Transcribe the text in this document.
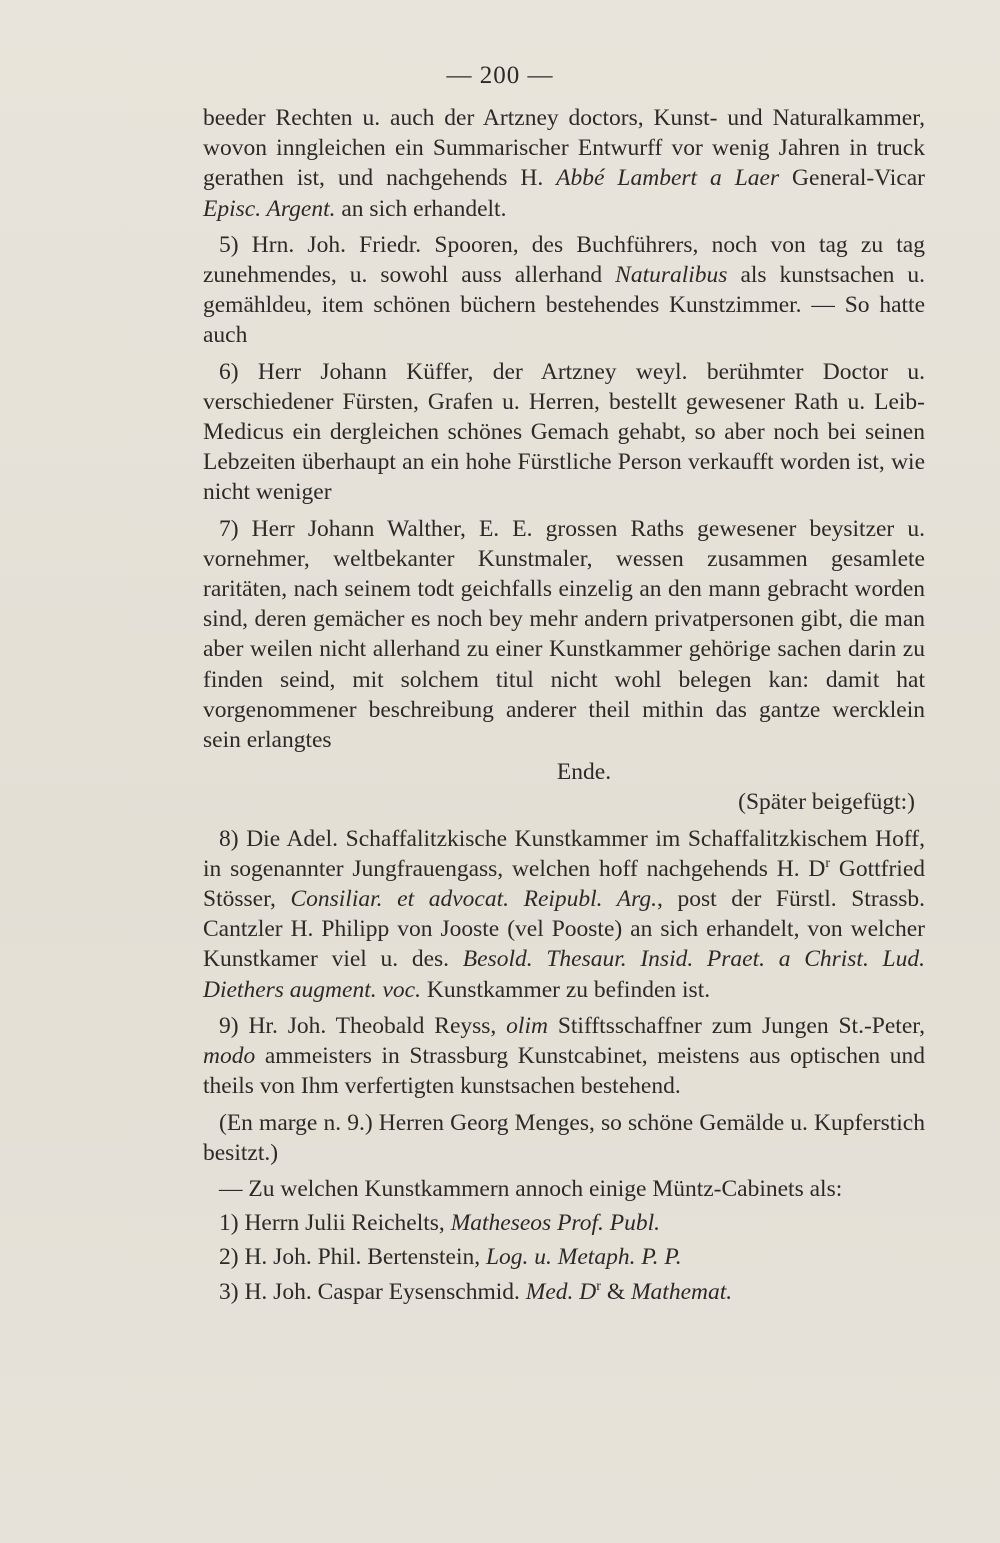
— 200 —

beeder Rechten u. auch der Artzney doctors, Kunst- und Naturalkammer, wovon inngleichen ein Summarischer Entwurff vor wenig Jahren in truck gerathen ist, und nachgehends H. Abbé Lambert a Laer General-Vicar Episc. Argent. an sich erhandelt.

5) Hrn. Joh. Friedr. Spooren, des Buchführers, noch von tag zu tag zunehmendes, u. sowohl auss allerhand Naturalibus als kunstsachen u. gemähldeu, item schönen büchern bestehendes Kunstzimmer. — So hatte auch

6) Herr Johann Küffer, der Artzney weyl. berühmter Doctor u. verschiedener Fürsten, Grafen u. Herren, bestellt gewesener Rath u. Leib-Medicus ein dergleichen schönes Gemach gehabt, so aber noch bei seinen Lebzeiten überhaupt an ein hohe Fürstliche Person verkaufft worden ist, wie nicht weniger

7) Herr Johann Walther, E. E. grossen Raths gewesener beysitzer u. vornehmer, weltbekanter Kunstmaler, wessen zusammen gesamlete raritäten, nach seinem todt geichfalls einzelig an den mann gebracht worden sind, deren gemächer es noch bey mehr andern privatpersonen gibt, die man aber weilen nicht allerhand zu einer Kunstkammer gehörige sachen darin zu finden seind, mit solchem titul nicht wohl belegen kan: damit hat vorgenommener beschreibung anderer theil mithin das gantze wercklein sein erlangtes

Ende.

(Später beigefügt:)

8) Die Adel. Schaffalitzkische Kunstkammer im Schaffalitzkischem Hoff, in sogenannter Jungfrauengass, welchen hoff nachgehends H. $D^r$ Gottfried Stösser, Consiliar. et advocat. Reipubl. Arg., post der Fürstl. Strassb. Cantzler H. Philipp von Jooste (vel Pooste) an sich erhandelt, von welcher Kunstkamer viel u. des. Besold. Thesaur. Insid. Praet. a Christ. Lud. Diethers augment. voc. Kunstkammer zu befinden ist.

9) Hr. Joh. Theobald Reyss, olim Stifftsschaffner zum Jungen St.-Peter, modo ammeisters in Strassburg Kunstcabinet, meistens aus optischen und theils von Ihm verfertigten kunstsachen bestehend.

(En marge n. 9.) Herren Georg Menges, so schöne Gemälde u. Kupferstich besitzt.)

— Zu welchen Kunstkammern annoch einige Müntz-Cabinets als:

1) Herrn Julii Reichelts, Matheseos Prof. Publ.

2) H. Joh. Phil. Bertenstein, Log. u. Metaph. P. P.

3) H. Joh. Caspar Eysenschmid. Med. $D^r$ & Mathemat.
